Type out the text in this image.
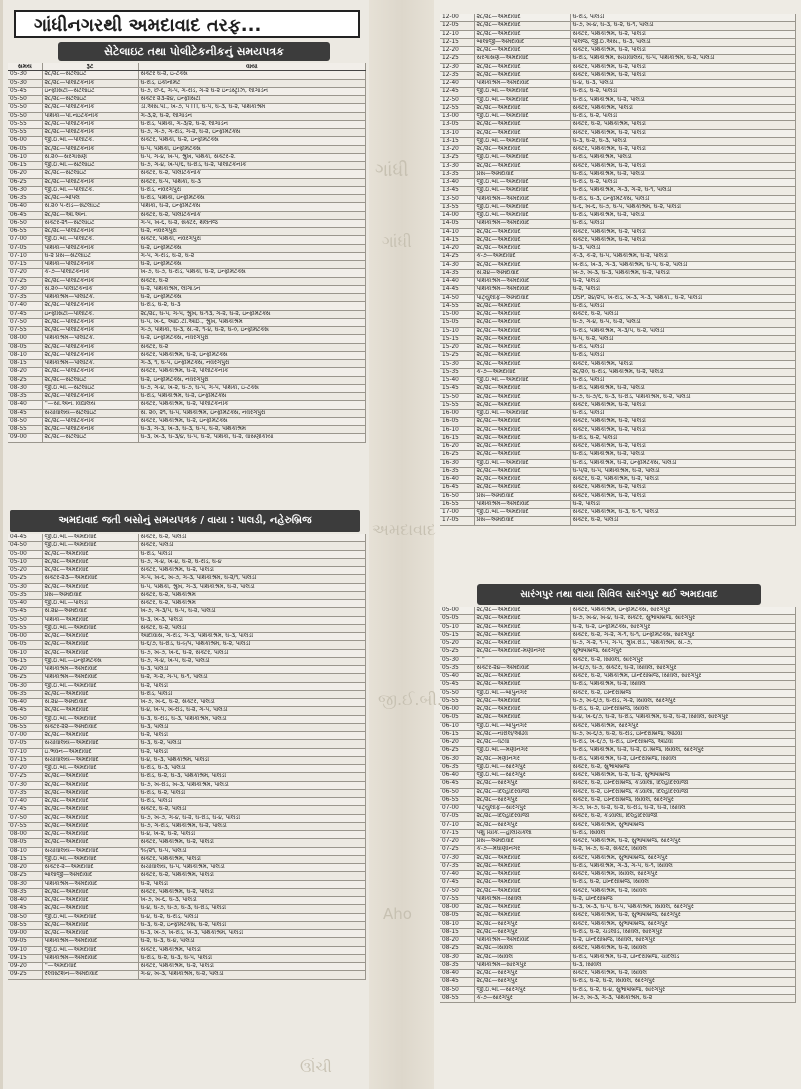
ગાંધી
ગાંધી
અમદાવાદ
જી.ઈ.બી.
Aho
ઊંચી
ગાંધીનગરથી અમદાવાદ તરફ...
સેટેલાઇટ તથા પોલીટેકનીકનું સમયપત્રક
સમય	રૂટ	વાયા
05-30	૨૮/૨૮—સેટેલાઇટ	સેક્ટર ઘ-૨, ઇ-ટેક્સ
05-30	૨૮/૨૮—પોલીટેકનીક	ઘ-રોડ, ઇકોનોમેટ
05-45	ઇન્ફોસિટી—સેટેલાઇટ	ઘ-૭, છ-૬, ગ-૫, ગ-રોડ, ગ-૨ ઘ-૨ ઇન્ડસ્ટ્રીઝ, લીંગાર્ડન
05-50	૨૮/૨૮—સેટેલાઇટ	સેક્ટર ૨૩-૨૪, ઇન્ફોસિટી
05-50	૨૮/૨૮—પોલીટેકનીક	ડી.એસ.પી., ખ-૭, ૫ ITI, ઘ-૫, ઘ-૩, ઘ-૨, પથિકાશ્રમ
05-50	પથિકા—પી.નઇટેકનીક	ગ-૩,૨, ઘ-૨, લીંગાર્ડન
05-55	૨૮/૨૮—પોલીટેકનીક	ઘ-રોડ, પથિકા, ગ-૩/૨, ઘ-૨, લીંગાર્ડન
05-55	૨૮/૨૮—પોલીટેકનીક	ઘ-૭, ગ-૭, ગ-રોડ, ગ-૨, ઘ-૨, ઇન્ફોમેટેક્સ
06-00	જી.ઈ.બી.—પોલીટેક.	સેક્ટર, પથિકા, ઘ-૨, ઇન્ફોમેટેક્સ
06-05	૨૮/૨૮—પોલીટેકનીક	ઘ-૫, પથિકા, ઇન્ફોમેટેક્સ
06-10	સે.૨૦—સરગાસણ	ઘ-૫, ગ-૪, ખ-૫, શ્રુખ, પથિકા, સેક્ટર-૨.
06-15	જી.ઈ.બી.—સેટેલાઇટ	ઘ-૭, ગ-૪, ખ-૫/૬, ઘ-રોડ, ઘ-૨, પોલીટેકનીક
06-20	૨૮/૨૮—સેટેલાઇટ	સેક્ટર, ઘ-૨, પોલીટેકનીક
06-25	૨૮/૨૮—પોલીટેકનીક	સેક્ટર, ઘ-૫, પથિકા, ઘ-૩
06-30	જી.ઈ.બી.—પોલીટેક.	ઘ-રોડ, નવરંગપુરા
06-35	૨૮/૨૮—બોપલ	ઘ-રોડ, પથિકા, ઇન્ફોમેટેક્સ
06-40	સે.૨૦ ૫-રોડ—સેટેલાઇટ	પથિકા, ઘ-૨, ઇન્ફોમેટેક્સ
06-45	૨૮/૨૮—ઓ.એન.	સેક્ટર, ઘ-૨, પોલીટેકનીક
06-50	સેક્ટર-૨૧—સેટેલાઇટ	ગ-૫, ખ-૬, ઘ-૨, સેક્ટર, થલતેજ
06-55	૨૮/૨૮—પોલીટેકનીક	ઘ-૨, નવરંગપુરા
07-00	જી.ઈ.બી.—પોલીટેક.	સેક્ટર, પથિકા, નવરંગપુરા
07-05	પથિકા—પોલીટેકનીક	ઘ-૨, ઇન્ફોમેટેક્સ
07-10	ઘ-૨ પ્રેસ—સેટેલાઇટ	ગ-૫, ગ-રોડ, ઘ-૨, ઘ-૨
07-15	પથિકા—પોલીટેકનીક	ઘ-૨, ઇન્ફોમેટેક્સ
07-20	ક-૭—પોલીટેકનીક	ખ-૭, ઘ-૭, ઘ-રોડ, પથિકા, ઘ-૨, ઇન્ફોમેટેક્સ
07-25	૨૮/૨૮—પોલીટેકનીક	સેક્ટર, ઘ-૨
07-30	સે.૨૦—પોલીટેકનીક	ઘ-૨, પથિકાશ્રમ, લીંગાર્ડન
07-35	પથિકાશ્રમ—પોલીટેક.	ઘ-૨, ઇન્ફોમેટેક્સ
07-40	૨૮/૨૮—પોલીટેકનીક	ઘ-રોડ, ઘ-૨, ઘ-૩
07-45	ઇન્ફોસિટી—પોલીટેક.	૨૮/૨૮, ઘ-૫, ગ-૫, શ્રુખ, ઘ-૧૩, ગ-૨, ઘ-૨, ઇન્ફોમેટેક્સ
07-50	૨૮/૨૮—પોલીટેકનીક	ઘ-૫, ખ-૬, આઈ.ટી.આઈ., શ્રુખ, પથિકાશ્રમ
07-55	૨૮/૨૮—પોલીટેકનીક	ગ-૭, પથિકા, ઘ-૩, સે.-૨, ૧-૪, ઘ-૨, ઘ-૦, ઇન્ફોમેટેક્સ
08-00	પથિકાશ્રમ—પોલીટેક.	ઘ-૨, ઇન્ફોમેટેક્સ, નવરંગપુરા
08-05	૨૮/૨૮—પોલીટેકનીક	સેક્ટર, ઘ-૨
08-10	૨૮/૨૮—પોલીટેકનીક	સેક્ટર, પથિકાશ્રમ, ઘ-૨, ઇન્ફોમેટેક્સ
08-15	પથિકાશ્રમ—પોલીટેક.	ગ-૩, ૧, ઘ-૫, ઇન્ફોમેટેક્સ, નવરંગપુરા
08-20	૨૮/૨૮—પોલીટેકનીક	સેક્ટર, પથિકાશ્રમ, ઘ-૨, પોલીટેકનીક
08-25	૨૮/૨૮—સેટેલાઇટ	ઘ-૨, ઇન્ફોમેટેક્સ, નવરંગપુરા
08-30	જી.ઈ.બી.—સેટેલાઇટ	ઘ-૭, ગ-૪, ખ-૨, ઘ-૭, ઘ-૫, ગ-૫, પથિકા, ઇ-ટેક્સ
08-35	૨૮/૨૮—પોલીટેકનીક	ઘ-રોડ, પથિકાશ્રમ, ઘ-૨, ઇન્ફોમેટેક્સ
08-40	''—સી.એન. વિદ્યાલય	સેક્ટર, પથિકાશ્રમ, ઘ-૨, પોલીટેકનીક
08-45	સચીવાલય—સેટેલાઇટ	સે. ૨૦, ૨૧, ઘ-૫, પથિકાશ્રમ, ઇન્ફોમેટેક્સ, નવરંગપુરા
08-50	૨૮/૨૮—પોલીટેકનીક	સેક્ટર, પથિકાશ્રમ, ઘ-૨, ઇન્ફોમેટેક્સ
08-55	૨૮/૨૮—પોલીટેકનીક	ઘ-૩, ગ-૩, ખ-૩, ઘ-૩, ઘ-૫, ઘ-૨, પથિકાશ્રમ
09-00	૨૮/૨૮—સેટેલાઇટ	ઘ-૩, ખ-૩, ઘ-૩/૪, ઘ-૫, ઘ-૨, પથિકા, ઘ-૨, વાસણોકીયા
અમદાવાદ જતી બસોનું સમયપત્રક / વાયા : પાલડી, નહેરુબ્રિજ
04-45	જી.ઈ.બી.—અમદાવાદ	સેક્ટર, ઘ-૨, પાલડી
04-50	જી.ઈ.બી.—અમદાવાદ	સેક્ટર, પાલડી
05-00	૨૮/૨૮—અમદાવાદ	ઘ-રોડ, પાલડી
05-10	૨૮/૨૮—અમદાવાદ	ઘ-૭, ગ-૪, ખ-૪, ઘ-૨, ઘ-રોડ, ઘ-૪
05-20	૨૮/૨૮—અમદાવાદ	સેક્ટર, પથિકાશ્રમ, ઘ-૨, પાલડી
05-25	સેક્ટર-૨૩—અમદાવાદ	ગ-૫, ખ-૬, ખ-૭, ગ-૩, પથિકાશ્રમ, ઘ-૨/૧, પાલડી
05-30	૨૮/૨૮—અમદાવાદ	ઘ-૫, પથિકા, શ્રુખ, ગ-૩, પથિકાશ્રમ, ઘ-૨, પાલડી
05-35	પ્રેસ—અમદાવાદ	સેક્ટર, ઘ-૨, પથિકાશ્રમ
05-40	જી.ઈ.બી.—પાલડી	સેક્ટર, ઘ-૨, પથિકાશ્રમ
05-45	સે.૨૪—અમદાવાદ	ખ-૭, ગ-૩/૫, ઘ-૫, ઘ-૨, પાલડી
05-50	પથિકા—અમદાવાદ	ઘ-૩, ખ-૩, પાલડી
05-55	જી.ઈ.બી.—અમદાવાદ	સેક્ટર, ઘ-૨, પાલડી
06-00	૨૮/૨૮—અમદાવાદ	આદીવાસ, ગ-રોડ, ગ-૩, પથિકાશ્રમ, ઘ-૩, પાલડી
06-05	૨૮/૨૮—અમદાવાદ	ઘ-૬/૭, ઘ-રોડ, ઘ-૯/૫, પથિકાશ્રમ, ઘ-૨, પાલડી
06-10	૨૮/૨૮—અમદાવાદ	ઘ-૭, ખ-૭, ખ-૬, ઘ-૨, સેક્ટર, પાલડી
06-15	જી.ઈ.બી.—ઇન્ફોમેટેક્સ	ઘ-૭, ગ-૪, ખ-૫, ઘ-૨, પાલડી
06-20	પથિકાશ્રમ—અમદાવાદ	ઘ-૩, પાલડી
06-25	પથિકાશ્રમ—અમદાવાદ	ઘ-૨, ગ-૨, ગ-૫, ઘ-૧, પાલડી
06-30	જી.ઈ.બી.—અમદાવાદ	ઘ-૨, પાલડી
06-35	૨૮/૨૮—અમદાવાદ	ઘ-રોડ, પાલડી
06-40	સે.૨૪—અમદાવાદ	ખ-૭, ખ-૬, ઘ-૨, સેક્ટર, પાલડી
06-45	૨૮/૨૮—અમદાવાદ	ઘ-૪, ખ-૫, ખ-રોડ, ઘ-૨, ગ-૫, પાલડી
06-50	જી.ઈ.બી.—અમદાવાદ	ઘ-૩, ઘ-રોડ, ઘ-૩, પથિકાશ્રમ, પાલડી
06-55	સેક્ટર-૨૨—અમદાવાદ	ઘ-૩, પાલડી
07-00	૨૮/૨૮—અમદાવાદ	ઘ-૨, પાલડી
07-05	સચીવાલય—અમદાવાદ	ઘ-૩, ઘ-૨, પાલડી
07-10	ઇ.ભવન—અમદાવાદ	ઘ-૨, પાલડી
07-15	સચીવાલય—અમદાવાદ	ઘ-૪, ઘ-૩, પથિકાશ્રમ, પાલડી
07-20	જી.ઈ.બી.—અમદાવાદ	ઘ-રોડ, ઘ-૩, પાલડી
07-25	૨૮/૨૮—અમદાવાદ	ઘ-રોડ, ઘ-૨, ઘ-૩, પથિકાશ્રમ, પાલડી
07-30	૨૮/૨૮—અમદાવાદ	ઘ-૭, ખ-રોડ, ખ-૩, પથિકાશ્રમ, પાલડી
07-35	૨૮/૨૮—અમદાવાદ	ઘ-રોડ, ઘ-૨, પાલડી
07-40	૨૮/૨૮—અમદાવાદ	ઘ-રોડ, પાલડી
07-45	૨૮/૨૮—અમદાવાદ	સેક્ટર, ઘ-૨, પાલડી
07-50	૨૮/૨૮—અમદાવાદ	ઘ-૭, ખ-૭, ગ-૪, ઘ-૨, ઘ-રોડ, ઘ-૪, પાલડી
07-55	૨૮/૨૮—અમદાવાદ	ઘ-૭, ગ-રોડ, પથિકાશ્રમ, ઘ-૨, પાલડી
08-00	૨૮/૨૮—અમદાવાદ	ઘ-૪, ખ-૨, ઘ-૨, પાલડી
08-05	૨૮/૨૮—અમદાવાદ	સેક્ટર, પથિકાશ્રમ, ઘ-૨, પાલડી
08-10	સચીવાલય—અમદાવાદ	૧૯/૨૧, ઘ-૫, પાલડી
08-15	જી.ઈ.બી.—અમદાવાદ	સેક્ટર, પથિકાશ્રમ, પાલડી
08-20	સેક્ટર-૨—અમદાવાદ	સચીવાલય, ઘ-૫, પથિકાશ્રમ, પાલડી
08-25	બાલાજી—અમદાવાદ	સેક્ટર, ઘ-૨, પથિકાશ્રમ, પાલડી
08-30	પથિકાશ્રમ—અમદાવાદ	ઘ-૨, પાલડી
08-35	૨૮/૨૮—અમદાવાદ	સેક્ટર, પથિકાશ્રમ, ઘ-૨, પાલડી
08-40	૨૮/૨૮—અમદાવાદ	ખ-૭, ખ-૬, ઘ-૩, પાલડી
08-45	૨૮/૨૮—અમદાવાદ	ઘ-૪, ઘ-૭, ઘ-૭, ઘ-૩, ઘ-રોડ, પાલડી
08-50	જી.ઈ.બી.—અમદાવાદ	ઘ-૪, ઘ-૨, ઘ-રોડ, પાલડી
08-55	૨૮/૨૮—અમદાવાદ	ઘ-૩, ઘ-૨, ઇન્ફોમેટેક્સ, ઘ-૨, પાલડી
09-00	૨૮/૨૮—અમદાવાદ	ઘ-૩, ખ-૭, ખ-રોડ, ખ-૩, પથિકાશ્રમ, પાલડી
09-05	પથિકાશ્રમ—અમદાવાદ	ઘ-૨, ઘ-૩, ઘ-૪, પાલડી
09-10	જી.ઈ.બી.—અમદાવાદ	સેક્ટર, પથિકાશ્રમ, પાલડી
09-15	પથિકાશ્રમ—અમદાવાદ	ઘ-રોડ, ઘ-૨, ઘ-૩, ઘ-૫, પાલડી
09-20	''—અમદાવાદ	સેક્ટર, પથિકાશ્રમ, ઘ-૨, પાલડી
09-25	રેલ્વેસ્ટેશન—અમદાવાદ	ગ-૪, ખ-૩, પથિકાશ્રમ, ઘ-૨, પાલડી
12-00	૨૮/૨૮—અમદાવાદ	ઘ-રોડ, પાલડી
12-05	૨૮/૨૮—અમદાવાદ	ઘ-૭, ખ-૪, ઘ-૩, ઘ-૨, ઘ-૧, પાલડી
12-10	૨૮/૨૮—અમદાવાદ	સેક્ટર, પથિકાશ્રમ, ઘ-૨, પાલડી
12-15	બાલાજી—અમદાવાદ	પાલજ, જી.ઈ.એસ., ઘ-૩, પાલડી
12-20	૨૮/૨૮—અમદાવાદ	સેક્ટર, પથિકાશ્રમ, ઘ-૨, પાલડી
12-25	સરગાસણ—અમદાવાદ	ઘ-રોડ, પથિકાશ્રમ, સચીવાલય, ઘ-૫, પથિકાશ્રમ, ઘ-૨, પાલડી
12-30	૨૮/૨૮—અમદાવાદ	સેક્ટર, પથિકાશ્રમ, ઘ-૨, પાલડી
12-35	૨૮/૨૮—અમદાવાદ	સેક્ટર, પથિકાશ્રમ, ઘ-૨, પાલડી
12-40	પથિકાશ્રમ—અમદાવાદ	ઘ-૪, ઘ-૩, પાલડી
12-45	જી.ઈ.બી.—અમદાવાદ	ઘ-રોડ, ઘ-૨, પાલડી
12-50	જી.ઈ.બી.—અમદાવાદ	ઘ-રોડ, પથિકાશ્રમ, ઘ-૨, પાલડી
12-55	૨૮/૨૮—અમદાવાદ	સેક્ટર, પથિકાશ્રમ, પાલડી
13-00	જી.ઈ.બી.—અમદાવાદ	ઘ-રોડ, ઘ-૨, પાલડી
13-05	૨૮/૨૮—અમદાવાદ	સેક્ટર, ઘ-૨, પથિકાશ્રમ, પાલડી
13-10	૨૮/૨૮—અમદાવાદ	સેક્ટર, પથિકાશ્રમ, ઘ-૨, પાલડી
13-15	જી.ઈ.બી.—અમદાવાદ	ઘ-૩, ઘ-૨, ઘ-૩, પાલડી
13-20	૨૮/૨૮—અમદાવાદ	સેક્ટર, પથિકાશ્રમ, ઘ-૨, પાલડી
13-25	જી.ઈ.બી.—અમદાવાદ	ઘ-રોડ, પથિકાશ્રમ, પાલડી
13-30	૨૮/૨૮—અમદાવાદ	સેક્ટર, પથિકાશ્રમ, ઘ-૨, પાલડી
13-35	પ્રેસ—અમદાવાદ	ઘ-રોડ, પથિકાશ્રમ, ઘ-૨, પાલડી
13-40	જી.ઈ.બી.—અમદાવાદ	ઘ-રોડ, ઘ-૨, પાલડી
13-45	જી.ઈ.બી.—અમદાવાદ	ઘ-રોડ, પથિકાશ્રમ, ગ-૩, ગ-૨, ઘ-૧, પાલડી
13-50	પથિકાશ્રમ—અમદાવાદ	ઘ-રોડ, ઘ-૩, ઇન્ફોમેટેક્સ, પાલડી
13-55	જી.ઈ.બી.—અમદાવાદ	ઘ-૬, ખ-૬, ઘ-૭, ઘ-૫, પથિકાશ્રમ, ઘ-૨, પાલડી
14-00	જી.ઈ.બી.—અમદાવાદ	ઘ-રોડ, પથિકાશ્રમ, ઘ-૨, પાલડી
14-05	પથિકાશ્રમ—અમદાવાદ	ઘ-રોડ, પાલડી
14-10	૨૮/૨૮—અમદાવાદ	સેક્ટર, પથિકાશ્રમ, ઘ-૨, પાલડી
14-15	૨૮/૨૮—અમદાવાદ	સેક્ટર, પથિકાશ્રમ, ઘ-૨, પાલડી
14-20	૨૮/૨૮—અમદાવાદ	ઘ-૩, પાલડી
14-25	ક-૭—અમદાવાદ	ક-૩, ક-૨, ઘ-૫, પથિકાશ્રમ, ઘ-૨, પાલડી
14-30	૨૮/૨૮—અમદાવાદ	ખ-રોડ, ખ-૩, ગ-૩, પથિકાશ્રમ, ઘ-૫, ઘ-૨, પાલડી
14-35	સે.૨૪—અમદાવાદ	ખ-૭, ખ-૩, ઘ-૩, પથિકાશ્રમ, ઘ-૨, પાલડી
14-40	પથિકાશ્રમ—અમદાવાદ	ઘ-૨, પાલડી
14-45	પથિકાશ્રમ—અમદાવાદ	ઘ-૨, પાલડી
14-50	પાટ્યુલીફ—અમદાવાદ	DSP, ૨૪/૨૫, ખ-રોડ, ખ-૩, ગ-૩, પથિકા., ઘ-૨, પાલડી
14-55	૨૮/૨૮—અમદાવાદ	ઘ-રોડ, પાલડી
15-00	૨૮/૨૮—અમદાવાદ	સેક્ટર, ઘ-૨, પાલડી
15-05	૨૮/૨૮—અમદાવાદ	ઘ-૭, ગ-૪, ઘ-૫, ઘ-૨, પાલડી
15-10	૨૮/૨૮—અમદાવાદ	ઘ-રોડ, પથિકાશ્રમ, ગ-૩/૫, ઘ-૨, પાલડી
15-15	૨૮/૨૮—અમદાવાદ	ઘ-૫, ઘ-૨, પાલડી
15-20	૨૮/૨૮—અમદાવાદ	ઘ-રોડ, પાલડી
15-25	૨૮/૨૮—અમદાવાદ	ઘ-રોડ, પાલડી
15-30	૨૮/૨૮—અમદાવાદ	સેક્ટર, પથિકાશ્રમ, પાલડી
15-35	ક-૭—અમદાવાદ	૨૮/૨૦, ઘ-રોડ, પથિકાશ્રમ, ઘ-૨, પાલડી
15-40	જી.ઈ.બી.—અમદાવાદ	ઘ-રોડ, પાલડી
15-45	૨૮/૨૮—અમદાવાદ	ઘ-રોડ, પથિકાશ્રમ, ઘ-૨, પાલડી
15-50	૨૮/૨૮—અમદાવાદ	ઘ-૭, ઘ-૭/૬, ઘ-૩, ઘ-રોડ, પથિકાશ્રમ, ઘ-૨, પાલડી
15-55	૨૮/૨૮—અમદાવાદ	સેક્ટર, પથિકાશ્રમ, ઘ-૨, પાલડી
16-00	જી.ઈ.બી.—અમદાવાદ	ઘ-રોડ, પાલડી
16-05	૨૮/૨૮—અમદાવાદ	સેક્ટર, પથિકાશ્રમ, ઘ-૨, પાલડી
16-10	૨૮/૨૮—અમદાવાદ	સેક્ટર, પથિકાશ્રમ, ઘ-૨, પાલડી
16-15	૨૮/૨૮—અમદાવાદ	ઘ-રોડ, ઘ-૨, પાલડી
16-20	૨૮/૨૮—અમદાવાદ	સેક્ટર, પથિકાશ્રમ, ઘ-૨, પાલડી
16-25	૨૮/૨૮—અમદાવાદ	ઘ-રોડ, પથિકાશ્રમ, ઘ-૨, પાલડી
16-30	જી.ઈ.બી.—અમદાવાદ	ઘ-રોડ, પથિકાશ્રમ, ઘ-૨, ઇન્ફોમેટેક્સ, પાલડી
16-35	૨૮/૨૮—અમદાવાદ	ઘ-૫/૨, ઘ-૫, પથિકાશ્રમ, ઘ-૨, પાલડી
16-40	૨૮/૨૮—અમદાવાદ	સેક્ટર, ઘ-૨, પથિકાશ્રમ, ઘ-૨, પાલડી
16-45	૨૮/૨૮—અમદાવાદ	સેક્ટર, પથિકાશ્રમ, ઘ-૨, પાલડી
16-50	પ્રેસ—અમદાવાદ	સેક્ટર, પથિકાશ્રમ, ઘ-૨, પાલડી
16-55	પથિકાશ્રમ—અમદાવાદ	ઘ-૨, પાલડી
17-00	જી.ઈ.બી.—અમદાવાદ	સેક્ટર, પથિકાશ્રમ, ઘ-૩, ઘ-૧, પાલડી
17-05	પ્રેસ—અમદાવાદ	સેક્ટર, ઘ-૨, પાલડી
સારંગપુર તથા વાયા સિવિલ સારંગપુર થઈ અમદાવાદ
05-00	૨૮/૨૮—અમદાવાદ	સેક્ટર, પથિકાશ્રમ, ઇન્ફોમેટેક્સ, સારંગપુર
05-05	૨૮/૨૮—અમદાવાદ	ઘ-૭, ખ-૪, ખ-૪, ઘ-૨, સેક્ટર, સુભાષબ્રિજ, સારંગપુર
05-10	૨૮/૨૮—અમદાવાદ	ઘ-૨, ઘ-૨, ઇન્ફોમેટેક્સ, સારંગપુર
05-15	૨૮/૨૮—અમદાવાદ	સેક્ટર, ઘ-૨, ગ-૨, ગ-૧, ઘ-૧, ઇન્ફોમેટેક્સ, સારંગપુર
05-20	૨૮/૨૮—અમદાવાદ	ઘ-૭, ગ-૨, ૧-૫, ગ-૫, શ્રુખ.રોડ., પથિકાશ્રમ, સે.-૭,
05-25	૨૮/૨૮—અમદાવાદ-મણીનગર	સુભાષબ્રિજ, સારંગપુર
05-30	'' ''	સેક્ટર, ઘ-૨, સિવિલ, સારંગપુર
05-35	સેક્ટર-૨૪—અમદાવાદ	ખ-૬/૭, ઘ-૭, સેક્ટર, ઘ-૨, સિવિલ, સારંગપુર
05-40	૨૮/૨૮—અમદાવાદ	સેક્ટર, ઘ-૨, પથિકાશ્રમ, ઇન્દિરાબ્રિજ, સિવિલ, સારંગપુર
05-45	૨૮/૨૮—અમદાવાદ	ઘ-રોડ, પથિકાશ્રમ, ઘ-૨, સિવિલ
05-50	જી.ઈ.બી.—બાપુનગર	સેક્ટર, ઘ-૨, ઇન્દિરાબ્રિજ
05-55	૨૮/૨૮—અમદાવાદ	ઘ-૭, ખ-૬/૭, ઘ-રોડ, ગ-૨, સિવિલ, સારંગપુર
06-00	૨૮/૨૮—અમદાવાદ	ઘ-રોડ, ઘ-૨, ઇન્દિરાબ્રિજ, સિવિલ
06-05	૨૮/૨૮—અમદાવાદ	ઘ-૪, ખ-૬/૭, ઘ-૨, ઘ-રોડ, પથિકાશ્રમ, ઘ-૨, ઘ-૨, સિવિલ, સારંગપુર
06-10	જી.ઈ.બી.—બાપુનગર	સેક્ટર, પથિકાશ્રમ, સારંગપુર
06-15	૨૮/૨૮—નારોલ/ઓઢવ	ઘ-૭, ખ-૬/૭, ઘ-૨, ઘ-રોડ, ઇન્દિરાબ્રિજ, ઓઢવી
06-20	૨૮/૨૮—વટવા	ઘ-રોડ, ખ-૬/૭, ઘ-રોડ, ઇન્દિરાબ્રિજ, ઓઢવી
06-25	જી.ઈ.બી.—મણીનગર	ઘ-રોડ, પથિકાશ્રમ, ઘ-૨, ઘ-૨, ઈ.બ્રિજ, સિવિલ, સારંગપુર
06-30	૨૮/૨૮—મણીનગર	ઘ-રોડ, પથિકાશ્રમ, ઘ-૨, ઇન્દિરાબ્રિજ, સિવિલ
06-35	જી.ઈ.બી.—સારંગપુર	સેક્ટર, ઘ-૨, સુભાષબ્રિજ
06-40	જી.ઈ.બી.—સારંગપુર	સેક્ટર, પથિકાશ્રમ, ઘ-૨, ઘ-૨, સુભાષબ્રિજ
06-45	૨૮/૨૮—સારંગપુર	સેક્ટર, ઘ-૨, ઇન્દિરાબ્રિજ, કડવાલા, દિલ્હીદરવાજા
06-50	૨૮/૨૮—દિલ્હીદરવાજા	સેક્ટર, ઘ-૨, ઇન્દિરાબ્રિજ, કડવાલા, દિલ્હીદરવાજા
06-55	૨૮/૨૮—સારંગપુર	સેક્ટર, ઘ-૨, ઇન્દિરાબ્રિજ, સિવિલ, સારંગપુર
07-00	પાટ્યુલીફ—સારંગપુર	ગ-૭, ખ-૭, ઘ-૨, ઘ-૨, ઘ-રોડ, ઘ-૨, ઘ-૨, સિવિલ
07-05	૨૮/૨૮—દિલ્હીદરવાજા	સેક્ટર, ઘ-૨, કડવાલા, દિલ્હીદરવાજા
07-10	૨૮/૨૮—સારંગપુર	સેક્ટર, પથિકાશ્રમ, સુભાષબ્રિજ
07-15	પશુ ચિકિ.—હોલીચકલા	ઘ-રોડ, સિવિલ
07-20	પ્રેસ—અમદાવાદ	સેક્ટર, પથિકાશ્રમ, ઘ-૨, સુભાષબ્રિજ, સારંગપુર
07-25	ક-૭—મેઘાણીનગર	ઘ-૨, ખ-૭, ઘ-૨, સેક્ટર, સિવિલ
07-30	૨૮/૨૮—અમદાવાદ	સેક્ટર, પથિકાશ્રમ, સુભાષબ્રિજ, સારંગપુર
07-35	૨૮/૨૮—અમદાવાદ	ઘ-રોડ, પથિકાશ્રમ, ગ-૩, ગ-૫, ઘ-૧, સિવિલ
07-40	૨૮/૨૮—અમદાવાદ	સેક્ટર, પથિકાશ્રમ, સિવિલ, સારંગપુર
07-45	૨૮/૨૮—અમદાવાદ	ઘ-રોડ, ઘ-૨, ઇન્દિરાબ્રિજ, સિવિલ
07-50	૨૮/૨૮—અમદાવાદ	સેક્ટર, પથિકાશ્રમ, ઘ-૨, સિવિલ
07-55	પથિકાશ્રમ—સિવિલ	ઘ-૨, ઇન્દિરાબ્રિજ
08-00	૨૮/૨૮—અમદાવાદ	ઘ-૩, ખ-૩, ઘ-૫, ઘ-૫, પથિકાશ્રમ, સિવિલ, સારંગપુર
08-05	૨૮/૨૮—અમદાવાદ	સેક્ટર, પથિકાશ્રમ, ઘ-૨, સુભાષબ્રિજ, સારંગપુર
08-10	૨૮/૨૮—સારંગપુર	સેક્ટર, પથિકાશ્રમ, સુભાષબ્રિજ, સારંગપુર
08-15	૨૮/૨૮—સારંગપુર	ઘ-રોડ, ઘ-૨, ચંડલોડ, સિવિલ, સારંગપુર
08-20	પથિકાશ્રમ—અમદાવાદ	ઘ-૨, ઇન્દિરાબ્રિજ, સિવિલ, સારંગપુર
08-25	૨૮/૨૮—સિવિલ	સેક્ટર, પથિકાશ્રમ, ઘ-૨, સિવિલ
08-30	૨૮/૨૮—સિવિલ	ઘ-રોડ, પથિકાશ્રમ, ઘ-૨, ઇન્દિરાબ્રિજ, ચાંદલોડ
08-35	પથિકાશ્રમ—સારંગપુર	ઘ-૩, સિવિલ
08-40	૨૮/૨૮—સારંગપુર	સેક્ટર, પથિકાશ્રમ, ઘ-૨, સિવિલ
08-45	૨૮/૨૮—સારંગપુર	ઘ-રોડ, ઘ-૨, ઘ-૨, સિવિલ, સારંગપુર
08-50	જી.ઈ.બી.—સારંગપુર	ઘ-રોડ, ઘ-૨, ઘ-૪, સુભાષબ્રિજ, સારંગપુર
08-55	ક-૭—સારંગપુર	ખ-૭, ખ-૩, ગ-૩, પથિકાશ્રમ, ઘ-૨
